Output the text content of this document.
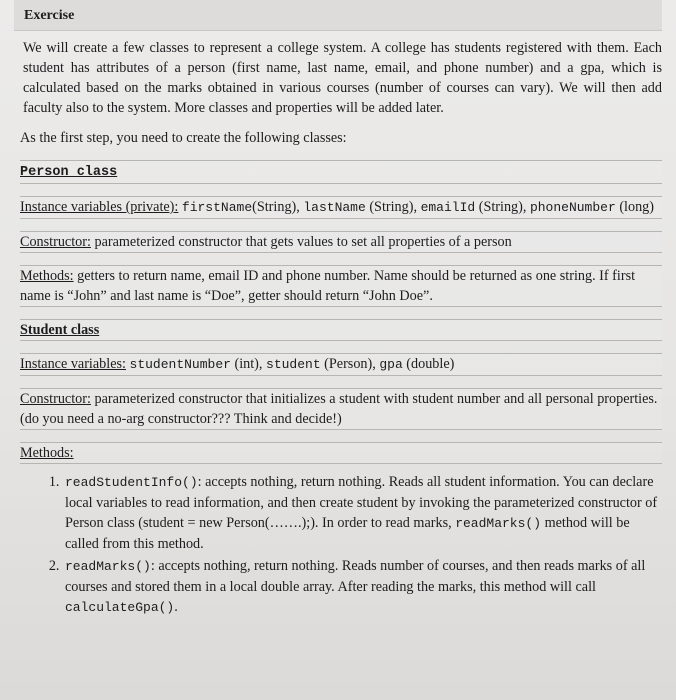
Exercise

We will create a few classes to represent a college system. A college has students registered with them. Each student has attributes of a person (first name, last name, email, and phone number) and a gpa, which is calculated based on the marks obtained in various courses (number of courses can vary). We will then add faculty also to the system. More classes and properties will be added later.

As the first step, you need to create the following classes:

Person class
Instance variables (private): firstName(String), lastName (String), emailId (String), phoneNumber (long)
Constructor: parameterized constructor that gets values to set all properties of a person
Methods: getters to return name, email ID and phone number. Name should be returned as one string. If first name is “John” and last name is “Doe”, getter should return “John Doe”.
Student class
Instance variables: studentNumber (int), student (Person), gpa (double)
Constructor: parameterized constructor that initializes a student with student number and all personal properties. (do you need a no-arg constructor??? Think and decide!)
Methods:
1. readStudentInfo(): accepts nothing, return nothing. Reads all student information. You can declare local variables to read information, and then create student by invoking the parameterized constructor of Person class (student = new Person(…….);). In order to read marks, readMarks() method will be called from this method.
2. readMarks(): accepts nothing, return nothing. Reads number of courses, and then reads marks of all courses and stored them in a local double array. After reading the marks, this method will call calculateGpa().
